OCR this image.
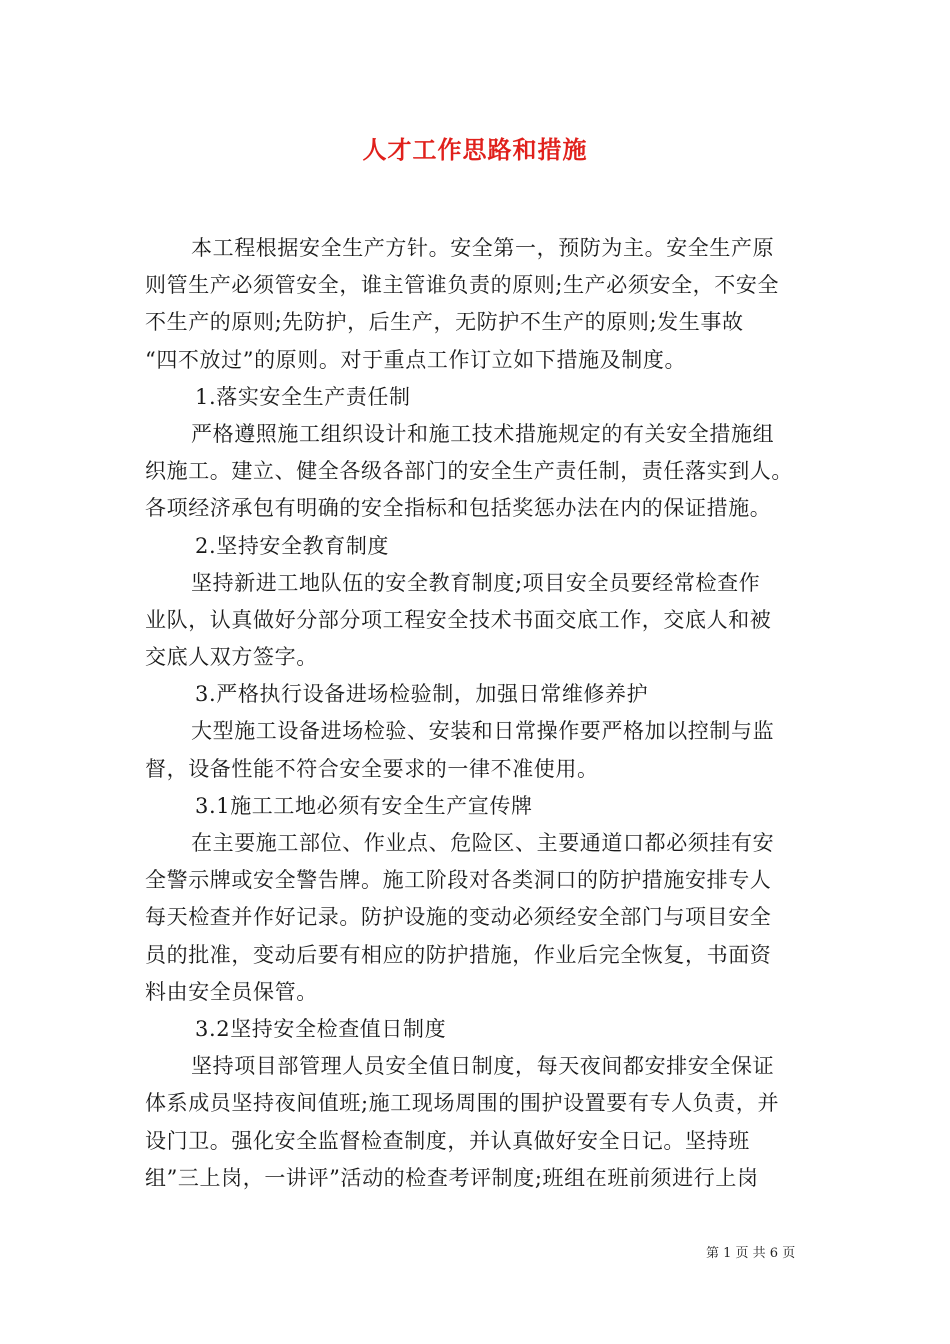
人才工作思路和措施
本工程根据安全生产方针。安全第一，预防为主。安全生产原
则管生产必须管安全，谁主管谁负责的原则;生产必须安全，不安全
不生产的原则;先防护，后生产，无防护不生产的原则;发生事故
“四不放过”的原则。对于重点工作订立如下措施及制度。
1.落实安全生产责任制
严格遵照施工组织设计和施工技术措施规定的有关安全措施组
织施工。建立、健全各级各部门的安全生产责任制，责任落实到人。
各项经济承包有明确的安全指标和包括奖惩办法在内的保证措施。
2.坚持安全教育制度
坚持新进工地队伍的安全教育制度;项目安全员要经常检查作
业队，认真做好分部分项工程安全技术书面交底工作，交底人和被
交底人双方签字。
3.严格执行设备进场检验制，加强日常维修养护
大型施工设备进场检验、安装和日常操作要严格加以控制与监
督，设备性能不符合安全要求的一律不准使用。
3.1施工工地必须有安全生产宣传牌
在主要施工部位、作业点、危险区、主要通道口都必须挂有安
全警示牌或安全警告牌。施工阶段对各类洞口的防护措施安排专人
每天检查并作好记录。防护设施的变动必须经安全部门与项目安全
员的批准，变动后要有相应的防护措施，作业后完全恢复，书面资
料由安全员保管。
3.2坚持安全检查值日制度
坚持项目部管理人员安全值日制度，每天夜间都安排安全保证
体系成员坚持夜间值班;施工现场周围的围护设置要有专人负责，并
设门卫。强化安全监督检查制度，并认真做好安全日记。坚持班
组”三上岗，一讲评”活动的检查考评制度;班组在班前须进行上岗
第 1 页 共 6 页
